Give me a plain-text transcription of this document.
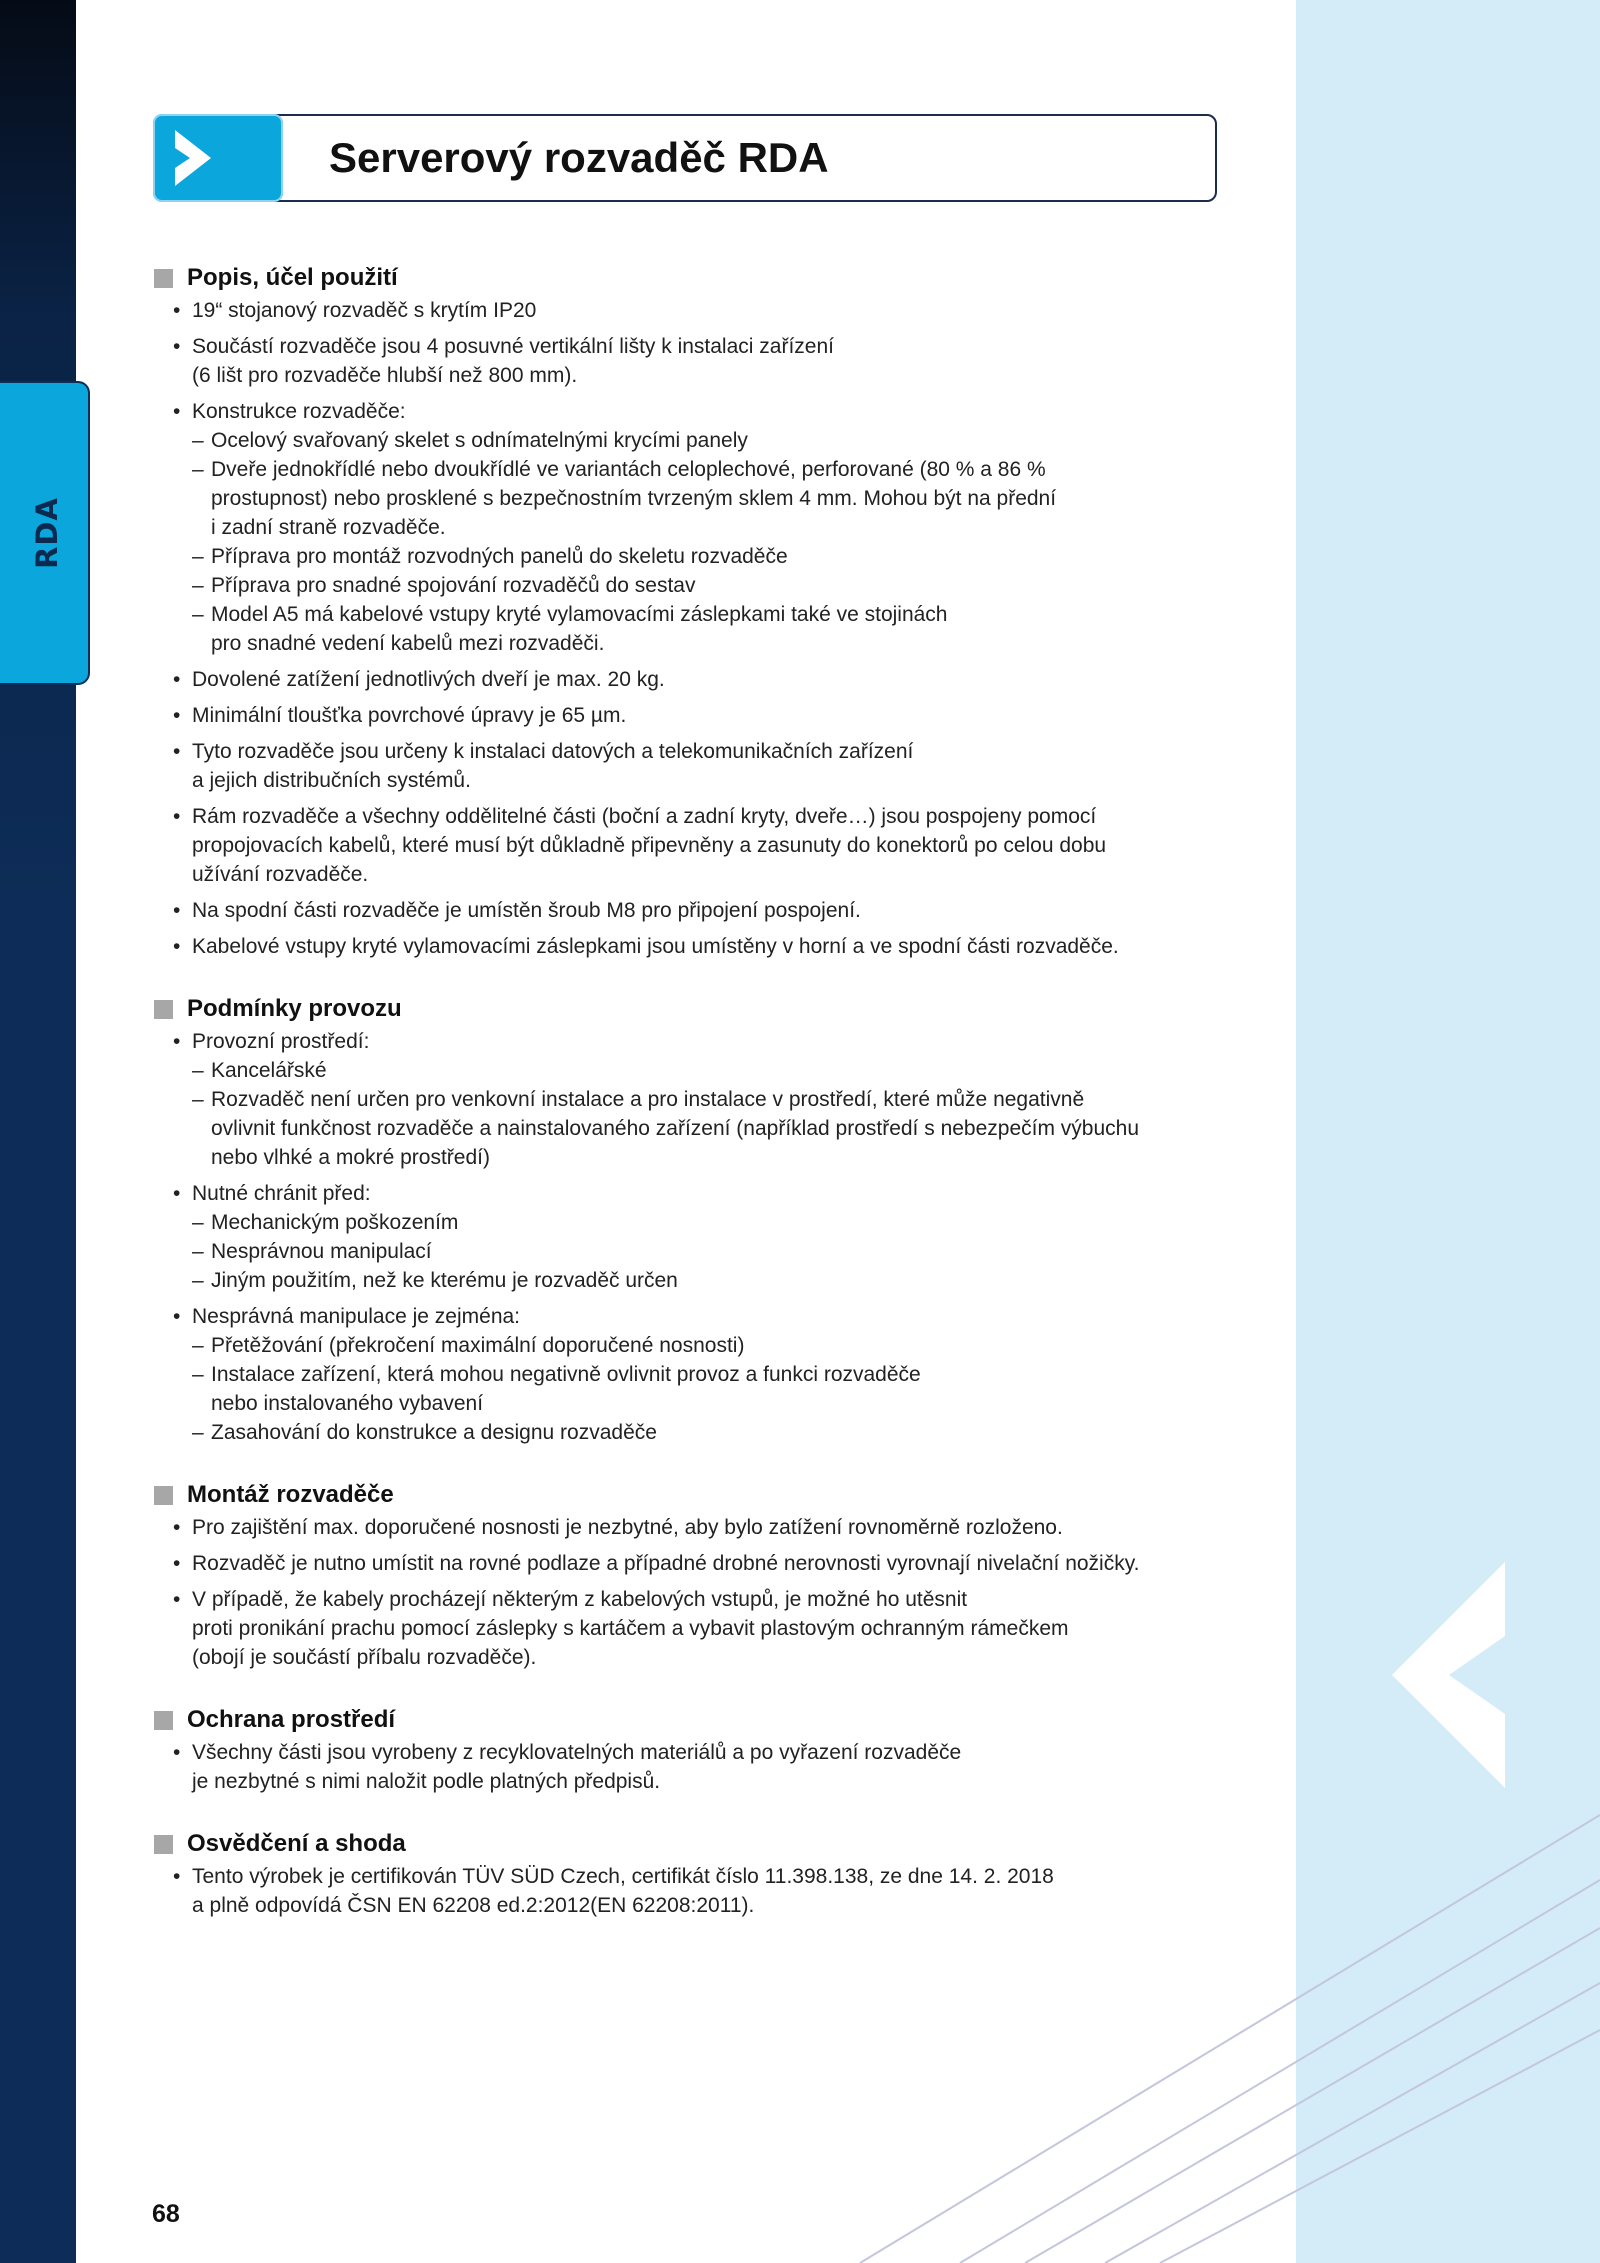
RDA
Serverový rozvaděč RDA
Popis, účel použití
• 19“ stojanový rozvaděč s krytím IP20
• Součástí rozvaděče jsou 4 posuvné vertikální lišty k instalaci zařízení
(6 lišt pro rozvaděče hlubší než 800 mm).
• Konstrukce rozvaděče:
– Ocelový svařovaný skelet s odnímatelnými krycími panely
– Dveře jednokřídlé nebo dvoukřídlé ve variantách celoplechové, perforované (80 % a 86 %
prostupnost) nebo prosklené s bezpečnostním tvrzeným sklem 4 mm. Mohou být na přední
i zadní straně rozvaděče.
– Příprava pro montáž rozvodných panelů do skeletu rozvaděče
– Příprava pro snadné spojování rozvaděčů do sestav
– Model A5 má kabelové vstupy kryté vylamovacími záslepkami také ve stojinách
pro snadné vedení kabelů mezi rozvaděči.
• Dovolené zatížení jednotlivých dveří je max. 20 kg.
• Minimální tloušťka povrchové úpravy je 65 µm.
• Tyto rozvaděče jsou určeny k instalaci datových a telekomunikačních zařízení
a jejich distribučních systémů.
• Rám rozvaděče a všechny oddělitelné části (boční a zadní kryty, dveře…) jsou pospojeny pomocí
propojovacích kabelů, které musí být důkladně připevněny a zasunuty do konektorů po celou dobu
užívání rozvaděče.
• Na spodní části rozvaděče je umístěn šroub M8 pro připojení pospojení.
• Kabelové vstupy kryté vylamovacími záslepkami jsou umístěny v horní a ve spodní části rozvaděče.
Podmínky provozu
• Provozní prostředí:
– Kancelářské
– Rozvaděč není určen pro venkovní instalace a pro instalace v prostředí, které může negativně
ovlivnit funkčnost rozvaděče a nainstalovaného zařízení (například prostředí s nebezpečím výbuchu
nebo vlhké a mokré prostředí)
• Nutné chránit před:
– Mechanickým poškozením
– Nesprávnou manipulací
– Jiným použitím, než ke kterému je rozvaděč určen
• Nesprávná manipulace je zejména:
– Přetěžování (překročení maximální doporučené nosnosti)
– Instalace zařízení, která mohou negativně ovlivnit provoz a funkci rozvaděče
nebo instalovaného vybavení
– Zasahování do konstrukce a designu rozvaděče
Montáž rozvaděče
• Pro zajištění max. doporučené nosnosti je nezbytné, aby bylo zatížení rovnoměrně rozloženo.
• Rozvaděč je nutno umístit na rovné podlaze a případné drobné nerovnosti vyrovnají nivelační nožičky.
• V případě, že kabely procházejí některým z kabelových vstupů, je možné ho utěsnit
proti pronikání prachu pomocí záslepky s kartáčem a vybavit plastovým ochranným rámečkem
(obojí je součástí příbalu rozvaděče).
Ochrana prostředí
• Všechny části jsou vyrobeny z recyklovatelných materiálů a po vyřazení rozvaděče
je nezbytné s nimi naložit podle platných předpisů.
Osvědčení a shoda
• Tento výrobek je certifikován TÜV SÜD Czech, certifikát číslo 11.398.138, ze dne 14. 2. 2018
a plně odpovídá ČSN EN 62208 ed.2:2012(EN 62208:2011).
68
